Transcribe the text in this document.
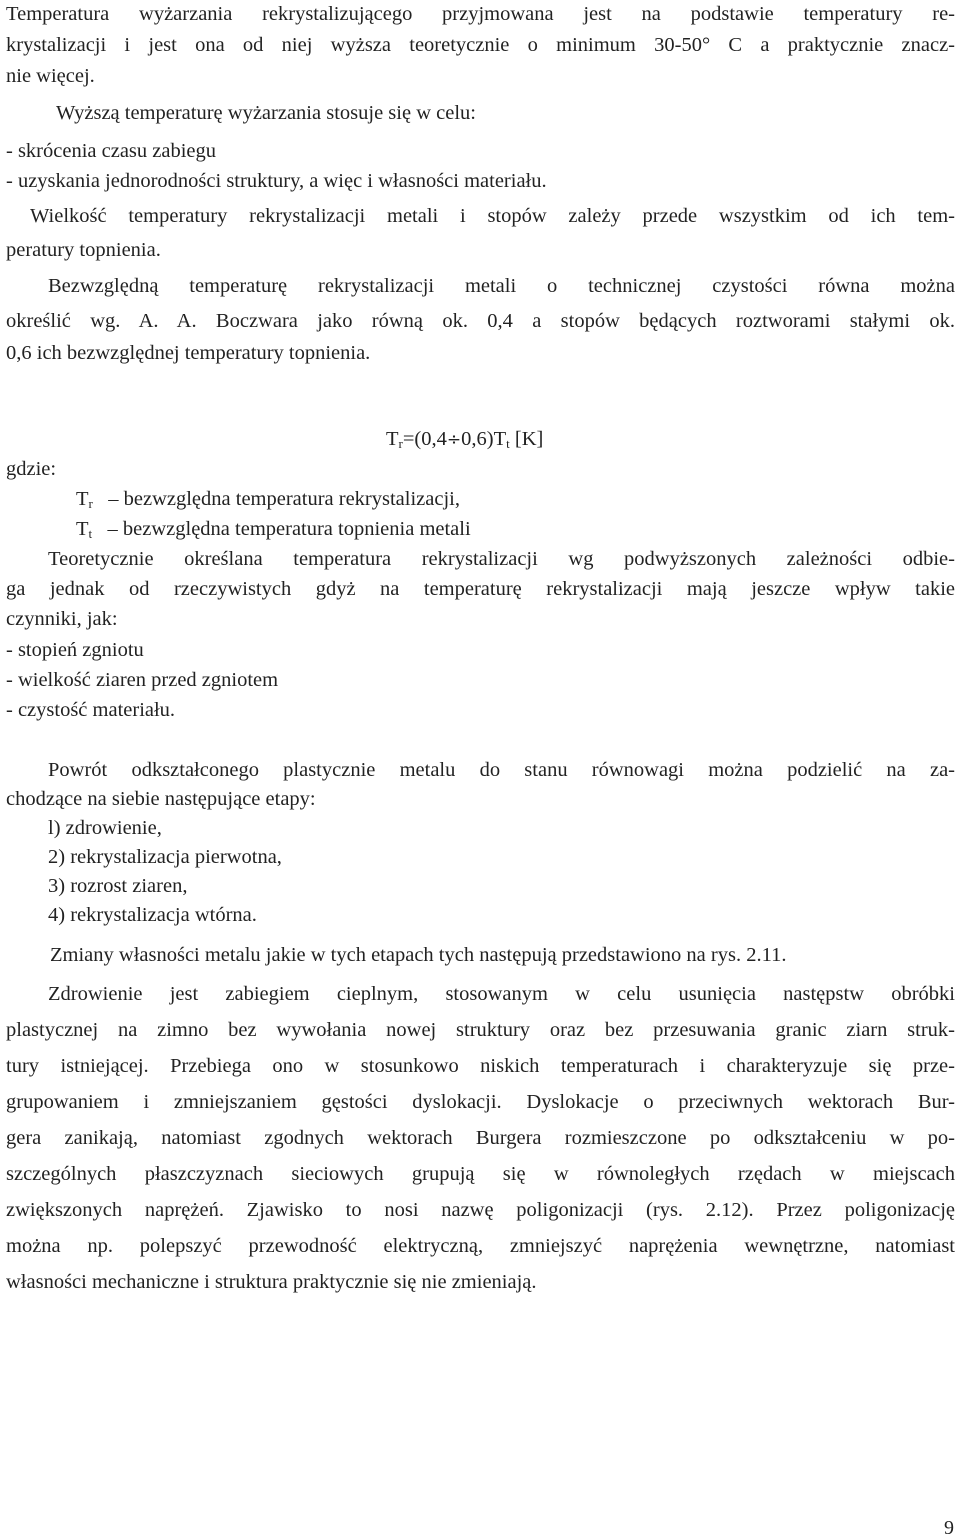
Temperatura wyżarzania rekrystalizującego przyjmowana jest na podstawie temperatury re-
krystalizacji i jest ona od niej wyższa teoretycznie o minimum 30-50° C a praktycznie znacz-
nie więcej.
Wyższą temperaturę wyżarzania stosuje się w celu:
- skrócenia czasu zabiegu
- uzyskania jednorodności struktury, a więc i własności materiału.
Wielkość temperatury rekrystalizacji metali i stopów zależy przede wszystkim od ich tem-
peratury topnienia.
Bezwzględną temperaturę rekrystalizacji metali o technicznej czystości równa można
określić wg. A. A. Boczwara jako równą ok. 0,4 a stopów będących roztworami stałymi ok.
0,6 ich bezwzględnej temperatury topnienia.
$T_r=(0,4\div 0,6)T_t$ [K]
gdzie:
$T_r$ – bezwzględna temperatura rekrystalizacji,
$T_t$ – bezwzględna temperatura topnienia metali
Teoretycznie określana temperatura rekrystalizacji wg podwyższonych zależności odbie-
ga jednak od rzeczywistych gdyż na temperaturę rekrystalizacji mają jeszcze wpływ takie
czynniki, jak:
- stopień zgniotu
- wielkość ziaren przed zgniotem
- czystość materiału.
Powrót odkształconego plastycznie metalu do stanu równowagi można podzielić na za-
chodzące na siebie następujące etapy:
l) zdrowienie,
2) rekrystalizacja pierwotna,
3) rozrost ziaren,
4) rekrystalizacja wtórna.
Zmiany własności metalu jakie w tych etapach tych następują przedstawiono na rys. 2.11.
Zdrowienie jest zabiegiem cieplnym, stosowanym w celu usunięcia następstw obróbki
plastycznej na zimno bez wywołania nowej struktury oraz bez przesuwania granic ziarn struk-
tury istniejącej. Przebiega ono w stosunkowo niskich temperaturach i charakteryzuje się prze-
grupowaniem i zmniejszaniem gęstości dyslokacji. Dyslokacje o przeciwnych wektorach Bur-
gera zanikają, natomiast zgodnych wektorach Burgera rozmieszczone po odkształceniu w po-
szczególnych płaszczyznach sieciowych grupują się w równoległych rzędach w miejscach
zwiększonych naprężeń. Zjawisko to nosi nazwę poligonizacji (rys. 2.12). Przez poligonizację
można np. polepszyć przewodność elektryczną, zmniejszyć naprężenia wewnętrzne, natomiast
własności mechaniczne i struktura praktycznie się nie zmieniają.
9
